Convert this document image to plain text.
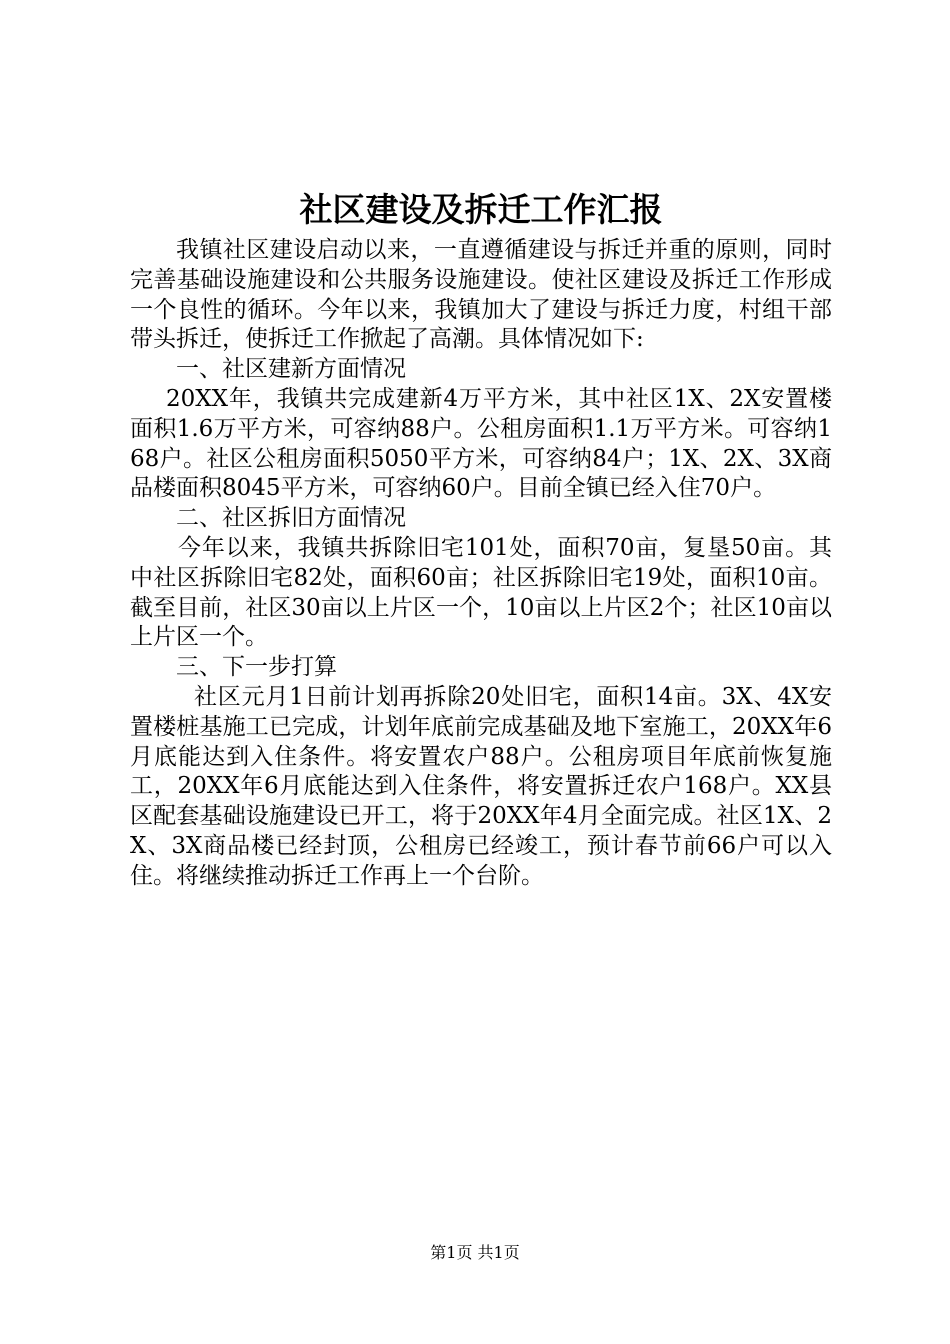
社区建设及拆迁工作汇报

我镇社区建设启动以来，一直遵循建设与拆迁并重的原则，同时完善基础设施建设和公共服务设施建设。使社区建设及拆迁工作形成一个良性的循环。今年以来，我镇加大了建设与拆迁力度，村组干部带头拆迁，使拆迁工作掀起了高潮。具体情况如下:

一、社区建新方面情况

20XX年，我镇共完成建新4万平方米，其中社区1X、2X安置楼面积1.6万平方米，可容纳88户。公租房面积1.1万平方米。可容纳168户。社区公租房面积5050平方米，可容纳84户；1X、2X、3X商品楼面积8045平方米，可容纳60户。目前全镇已经入住70户。

二、社区拆旧方面情况

今年以来，我镇共拆除旧宅101处，面积70亩，复垦50亩。其中社区拆除旧宅82处，面积60亩；社区拆除旧宅19处，面积10亩。截至目前，社区30亩以上片区一个，10亩以上片区2个；社区10亩以上片区一个。

三、下一步打算

社区元月1日前计划再拆除20处旧宅，面积14亩。3X、4X安置楼桩基施工已完成，计划年底前完成基础及地下室施工，20XX年6月底能达到入住条件。将安置农户88户。公租房项目年底前恢复施工，20XX年6月底能达到入住条件，将安置拆迁农户168户。XX县区配套基础设施建设已开工，将于20XX年4月全面完成。社区1X、2X、3X商品楼已经封顶，公租房已经竣工，预计春节前66户可以入住。将继续推动拆迁工作再上一个台阶。

第1页 共1页
